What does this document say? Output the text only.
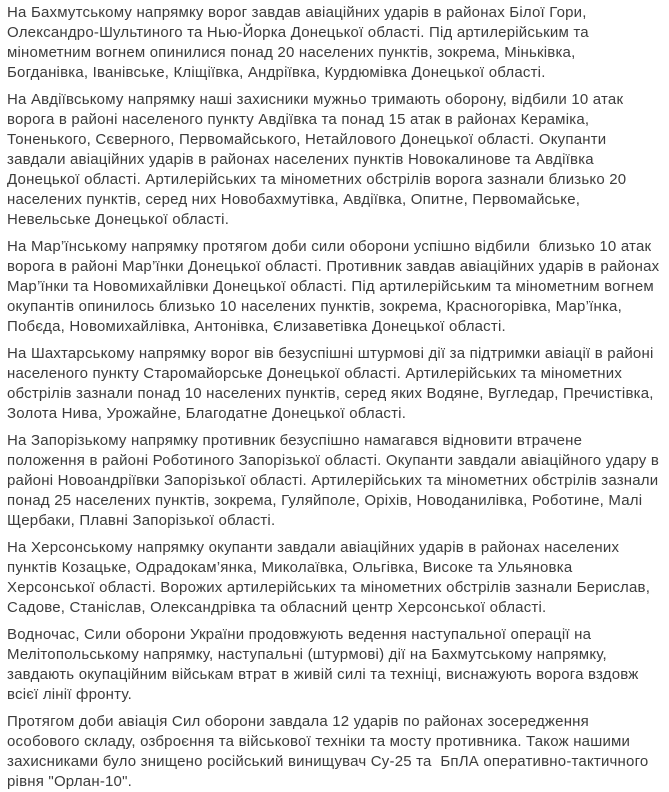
На Бахмутському напрямку ворог завдав авіаційних ударів в районах Білої Гори, Олександро-Шультиного та Нью-Йорка Донецької області. Під артилерійським та мінометним вогнем опинилися понад 20 населених пунктів, зокрема, Міньківка, Богданівка, Іванівське, Кліщіївка, Андріївка, Курдюмівка Донецької області.

На Авдіївському напрямку наші захисники мужньо тримають оборону, відбили 10 атак ворога в районі населеного пункту Авдіївка та понад 15 атак в районах Кераміка, Тоненького, Сєверного, Первомайського, Нетайлового Донецької області. Окупанти завдали авіаційних ударів в районах населених пунктів Новокалинове та Авдіївка Донецької області. Артилерійських та мінометних обстрілів ворога зазнали близько 20 населених пунктів, серед них Новобахмутівка, Авдіївка, Опитне, Первомайське, Невельське Донецької області.

На Мар’їнському напрямку протягом доби сили оборони успішно відбили  близько 10 атак ворога в районі Мар’їнки Донецької області. Противник завдав авіаційних ударів в районах Мар’їнки та Новомихайлівки Донецької області. Під артилерійським та мінометним вогнем окупантів опинилось близько 10 населених пунктів, зокрема, Красногорівка, Мар’їнка, Побєда, Новомихайлівка, Антонівка, Єлизаветівка Донецької області.

На Шахтарському напрямку ворог вів безуспішні штурмові дії за підтримки авіації в районі населеного пункту Старомайорське Донецької області. Артилерійських та мінометних обстрілів зазнали понад 10 населених пунктів, серед яких Водяне, Вугледар, Пречистівка, Золота Нива, Урожайне, Благодатне Донецької області.

На Запорізькому напрямку противник безуспішно намагався відновити втрачене положення в районі Роботиного Запорізької області. Окупанти завдали авіаційного удару в районі Новоандріївки Запорізької області. Артилерійських та мінометних обстрілів зазнали понад 25 населених пунктів, зокрема, Гуляйполе, Оріхів, Новоданилівка, Роботине, Малі Щербаки, Плавні Запорізької області.

На Херсонському напрямку окупанти завдали авіаційних ударів в районах населених пунктів Козацьке, Одрадокам’янка, Миколаївка, Ольгівка, Високе та Ульяновка Херсонської області. Ворожих артилерійських та мінометних обстрілів зазнали Берислав, Садове, Станіслав, Олександрівка та обласний центр Херсонської області.

Водночас, Сили оборони України продовжують ведення наступальної операції на Мелітопольському напрямку, наступальні (штурмові) дії на Бахмутському напрямку, завдають окупаційним військам втрат в живій силі та техніці, виснажують ворога вздовж всієї лінії фронту.

Протягом доби авіація Сил оборони завдала 12 ударів по районах зосередження особового складу, озброєння та військової техніки та мосту противника. Також нашими захисниками було знищено російський винищувач Су-25 та  БпЛА оперативно-тактичного рівня "Орлан-10".
